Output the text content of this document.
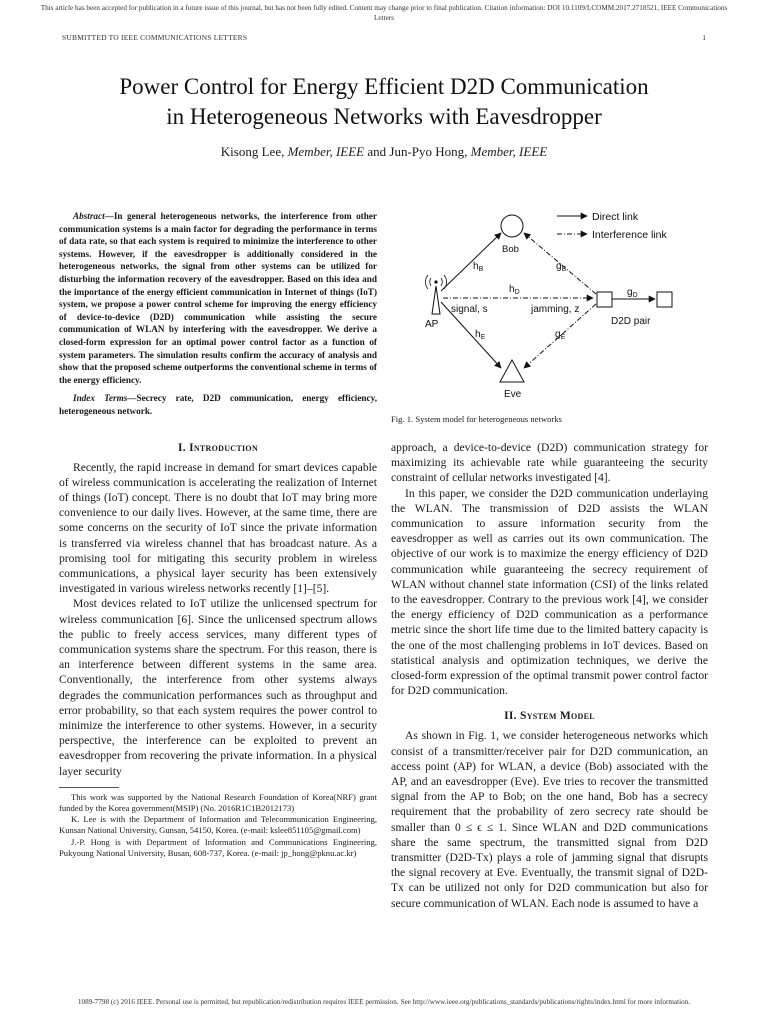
This article has been accepted for publication in a future issue of this journal, but has not been fully edited. Content may change prior to final publication. Citation information: DOI 10.1109/LCOMM.2017.2718521, IEEE Communications Letters
SUBMITTED TO IEEE COMMUNICATIONS LETTERS	1
Power Control for Energy Efficient D2D Communication
in Heterogeneous Networks with Eavesdropper
Kisong Lee, Member, IEEE and Jun-Pyo Hong, Member, IEEE

Abstract—In general heterogeneous networks, the interference from other communication systems is a main factor for degrading the performance in terms of data rate, so that each system is required to minimize the interference to other systems. However, if the eavesdropper is additionally considered in the heterogeneous networks, the signal from other systems can be utilized for disturbing the information recovery of the eavesdropper. Based on this idea and the importance of the energy efficient communication in Internet of things (IoT) system, we propose a power control scheme for improving the energy efficiency of device-to-device (D2D) communication while assisting the secure communication of WLAN by interfering with the eavesdropper. We derive a closed-form expression for an optimal power control factor as a function of system parameters. The simulation results confirm the accuracy of analysis and show that the proposed scheme outperforms the conventional scheme in terms of the energy efficiency.

Index Terms—Secrecy rate, D2D communication, energy efficiency, heterogeneous network.

I. Introduction

Recently, the rapid increase in demand for smart devices capable of wireless communication is accelerating the realization of Internet of things (IoT) concept. There is no doubt that IoT may bring more convenience to our daily lives. However, at the same time, there are some concerns on the security of IoT since the private information is transferred via wireless channel that has broadcast nature. As a promising tool for mitigating this security problem in wireless communications, a physical layer security has been extensively investigated in various wireless networks recently [1]–[5].

Most devices related to IoT utilize the unlicensed spectrum for wireless communication [6]. Since the unlicensed spectrum allows the public to freely access services, many different types of communication systems share the spectrum. For this reason, there is an interference between different systems in the same area. Conventionally, the interference from other systems always degrades the communication performances such as throughput and error probability, so that each system requires the power control to minimize the interference to other systems. However, in a security perspective, the interference can be exploited to prevent an eavesdropper from recovering the private information. In a physical layer security

This work was supported by the National Research Foundation of Korea(NRF) grant funded by the Korea government(MSIP) (No. 2016R1C1B2012173)

K. Lee is with the Department of Information and Telecommunication Engineering, Kunsan National University, Gunsan, 54150, Korea. (e-mail: kslee851105@gmail.com)

J.-P. Hong is with Department of Information and Communications Engineering, Pukyoung National University, Busan, 608-737, Korea. (e-mail: jp_hong@pknu.ac.kr)

Direct link
Interference link
Bob
AP
Eve
$g_D$
D2D pair
$h_B$
$h_E$
$h_D$
$g_B$
$g_E$
signal, s	jamming, z
Fig. 1. System model for heterogeneous networks

approach, a device-to-device (D2D) communication strategy for maximizing its achievable rate while guaranteeing the security constraint of cellular networks investigated [4].

In this paper, we consider the D2D communication underlaying the WLAN. The transmission of D2D assists the WLAN communication to assure information security from the eavesdropper as well as carries out its own communication. The objective of our work is to maximize the energy efficiency of D2D communication while guaranteeing the secrecy requirement of WLAN without channel state information (CSI) of the links related to the eavesdropper. Contrary to the previous work [4], we consider the energy efficiency of D2D communication as a performance metric since the short life time due to the limited battery capacity is the one of the most challenging problems in IoT devices. Based on statistical analysis and optimization techniques, we derive the closed-form expression of the optimal transmit power control factor for D2D communication.

II. System Model

As shown in Fig. 1, we consider heterogeneous networks which consist of a transmitter/receiver pair for D2D communication, an access point (AP) for WLAN, a device (Bob) associated with the AP, and an eavesdropper (Eve). Eve tries to recover the transmitted signal from the AP to Bob; on the one hand, Bob has a secrecy requirement that the probability of zero secrecy rate should be smaller than 0 ≤ ϵ ≤ 1. Since WLAN and D2D communications share the same spectrum, the transmitted signal from D2D transmitter (D2D-Tx) plays a role of jamming signal that disrupts the signal recovery at Eve. Eventually, the transmit signal of D2D-Tx can be utilized not only for D2D communication but also for secure communication of WLAN. Each node is assumed to have a

1089-7798 (c) 2016 IEEE. Personal use is permitted, but republication/redistribution requires IEEE permission. See http://www.ieee.org/publications_standards/publications/rights/index.html for more information.
